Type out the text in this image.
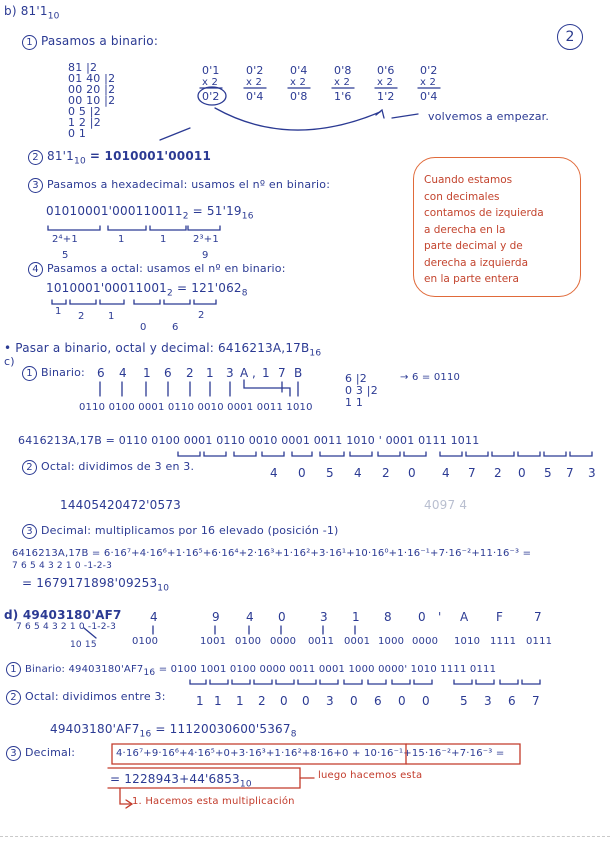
b) $81'1_{10}$
2
1 Pasamos a binario:
81 |2
01 40 |2
00 20 |2
00 10 |2
0 5 |2
1 2 |2
0 1
0'1
x 2
0'2
0'2
x 2
0'4
0'4
x 2
0'8
0'8
x 2
1'6
0'6
x 2
1'2
0'2
x 2
0'4
volvemos a empezar.
2 $81'1_{10} = 1010001'00011$
3 Pasamos a hexadecimal: usamos el nº en binario:
$01010001'000110011_2 = 51'19_{16}$
2⁴+1	1	1	2³+1
5	9
Cuando estamos
con decimales
contamos de izquierda
a derecha en la
parte decimal y de
derecha a izquierda
en la parte entera
4 Pasamos a octal: usamos el nº en binario:
$1010001'00011001_2 = 121'062_8$
1 2 1
0	6
2
• Pasar a binario, octal y decimal: $6416213A,17B_{16}$
c)
1 Binario: 6 4 1 6 2 1 3 A , 1 7 B
0110 0100 0001 0110 0010 0001 0011 1010
6 |2
0 3 |2
1 1
→ 6 = 0110
6416213A,17B = 0110 0100 0001 0110 0010 0001 0011 1010 ' 0001 0111 1011
2 Octal: dividimos de 3 en 3.	4 0 5 4 2 0 4 7 2 0 5 7 3
14405420472'0573	4097 4
3 Decimal: multiplicamos por 16 elevado (posición -1)
6416213A,17B = 6·16⁷+4·16⁶+1·16⁵+6·16⁴+2·16³+1·16²+3·16¹+10·16⁰+1·16⁻¹+7·16⁻²+11·16⁻³ =
7 6 5 4 3 2 1 0 -1-2-3
= $1679171898'09253_{10}$
d) 49403180'AF7
7 6 5 4 3 2 1 0 -1-2-3
10 15
4	9 4 0	3 1 8 0 ' A F	7
0100	1001 0100 0000 0011 0001 1000 0000 1010 1111 0111
1 Binario: $49403180'AF7_{16} = 0100$ 1001 0100 0000 0011 0001 1000 0000' 1010 1111 0111
2 Octal: dividimos entre 3:	1 1 1 2 0 0 3 0 6 0 0	5 3 6 7
$49403180'AF7_{16} = 11120030600'5367_8$
3 Decimal:	4·16⁷+9·16⁶+4·16⁵+0+3·16³+1·16²+8·16+0 + 10·16⁻¹+15·16⁻²+7·16⁻³ =
= $1228943+44'6853_{10}$
luego hacemos esta
1. Hacemos esta multiplicación
